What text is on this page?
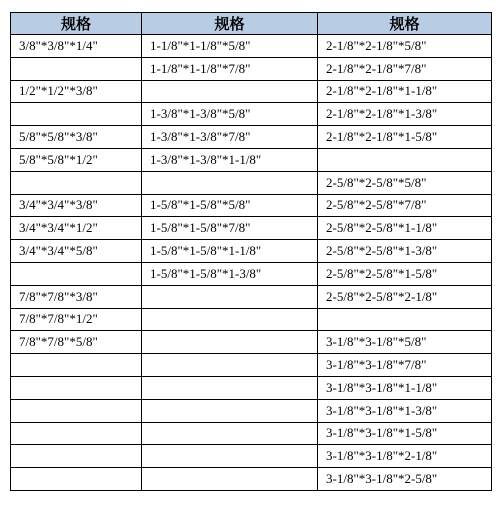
规格	规格	规格
3/8"*3/8"*1/4"	1-1/8"*1-1/8"*5/8"	2-1/8"*2-1/8"*5/8"
	1-1/8"*1-1/8"*7/8"	2-1/8"*2-1/8"*7/8"
1/2"*1/2"*3/8"		2-1/8"*2-1/8"*1-1/8"
	1-3/8"*1-3/8"*5/8"	2-1/8"*2-1/8"*1-3/8"
5/8"*5/8"*3/8"	1-3/8"*1-3/8"*7/8"	2-1/8"*2-1/8"*1-5/8"
5/8"*5/8"*1/2"	1-3/8"*1-3/8"*1-1/8"	
		2-5/8"*2-5/8"*5/8"
3/4"*3/4"*3/8"	1-5/8"*1-5/8"*5/8"	2-5/8"*2-5/8"*7/8"
3/4"*3/4"*1/2"	1-5/8"*1-5/8"*7/8"	2-5/8"*2-5/8"*1-1/8"
3/4"*3/4"*5/8"	1-5/8"*1-5/8"*1-1/8"	2-5/8"*2-5/8"*1-3/8"
	1-5/8"*1-5/8"*1-3/8"	2-5/8"*2-5/8"*1-5/8"
7/8"*7/8"*3/8"		2-5/8"*2-5/8"*2-1/8"
7/8"*7/8"*1/2"		
7/8"*7/8"*5/8"		3-1/8"*3-1/8"*5/8"
		3-1/8"*3-1/8"*7/8"
		3-1/8"*3-1/8"*1-1/8"
		3-1/8"*3-1/8"*1-3/8"
		3-1/8"*3-1/8"*1-5/8"
		3-1/8"*3-1/8"*2-1/8"
		3-1/8"*3-1/8"*2-5/8"
